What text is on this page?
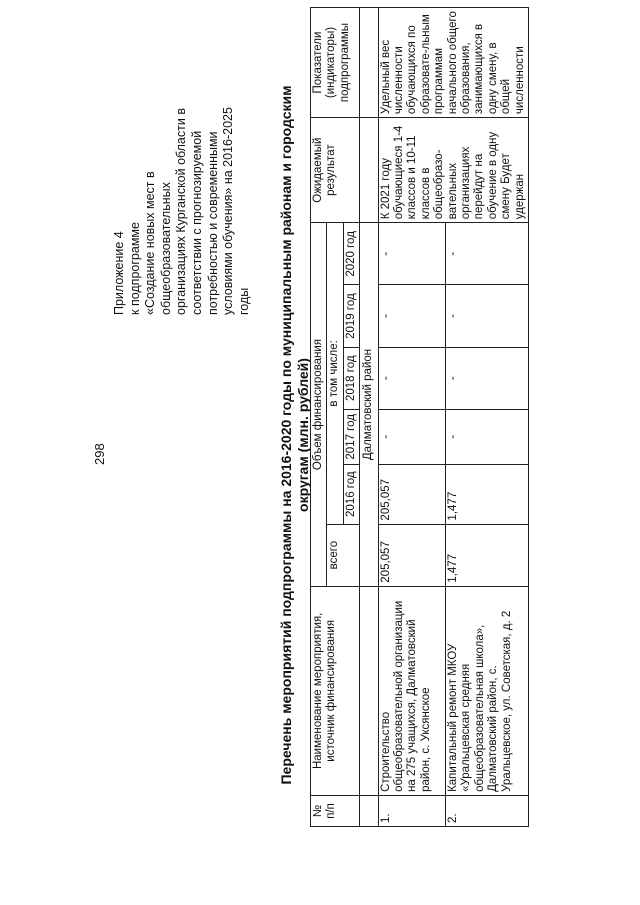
298
Приложение 4 к подпрограмме «Создание новых мест в общеобразовательных организациях Курганской области в соответствии с прогнозируемой потребностью и современными условиями обучения» на 2016-2025 годы Перечень мероприятий подпрограммы на 2016-2020 годы по муниципальным районам и городским округам (млн. рублей)
№ п/п	Наименование мероприятия, источник финансирования	Объем финансирования						Ожидаемый результат	Показатели (индикаторы) подпрограммы
		всего	в том числе:						
			2016 год	2017 год	2018 год	2019 год	2020 год		
		Далматовский район							
1.	Строительство общеобразовательной организации на 275 учащихся, Далматовский район, с. Уксянское	205,057	205,057	-	-	-	-	К 2021 году обучающиеся 1-4 классов и 10-11 классов в общеобразо-вательных организациях перейдут на обучение в одну смену Будет удержан	Удельный вес численности обучающихся по образовате-льным программам начального общего образования, занимающихся в одну смену, в общей численности
2.	Капитальный ремонт МКОУ «Уральцевская средняя общеобразовательная школа», Далматовский район, с. Уральцевское, ул. Советская, д. 2	1,477	1,477	-	-	-	-		
